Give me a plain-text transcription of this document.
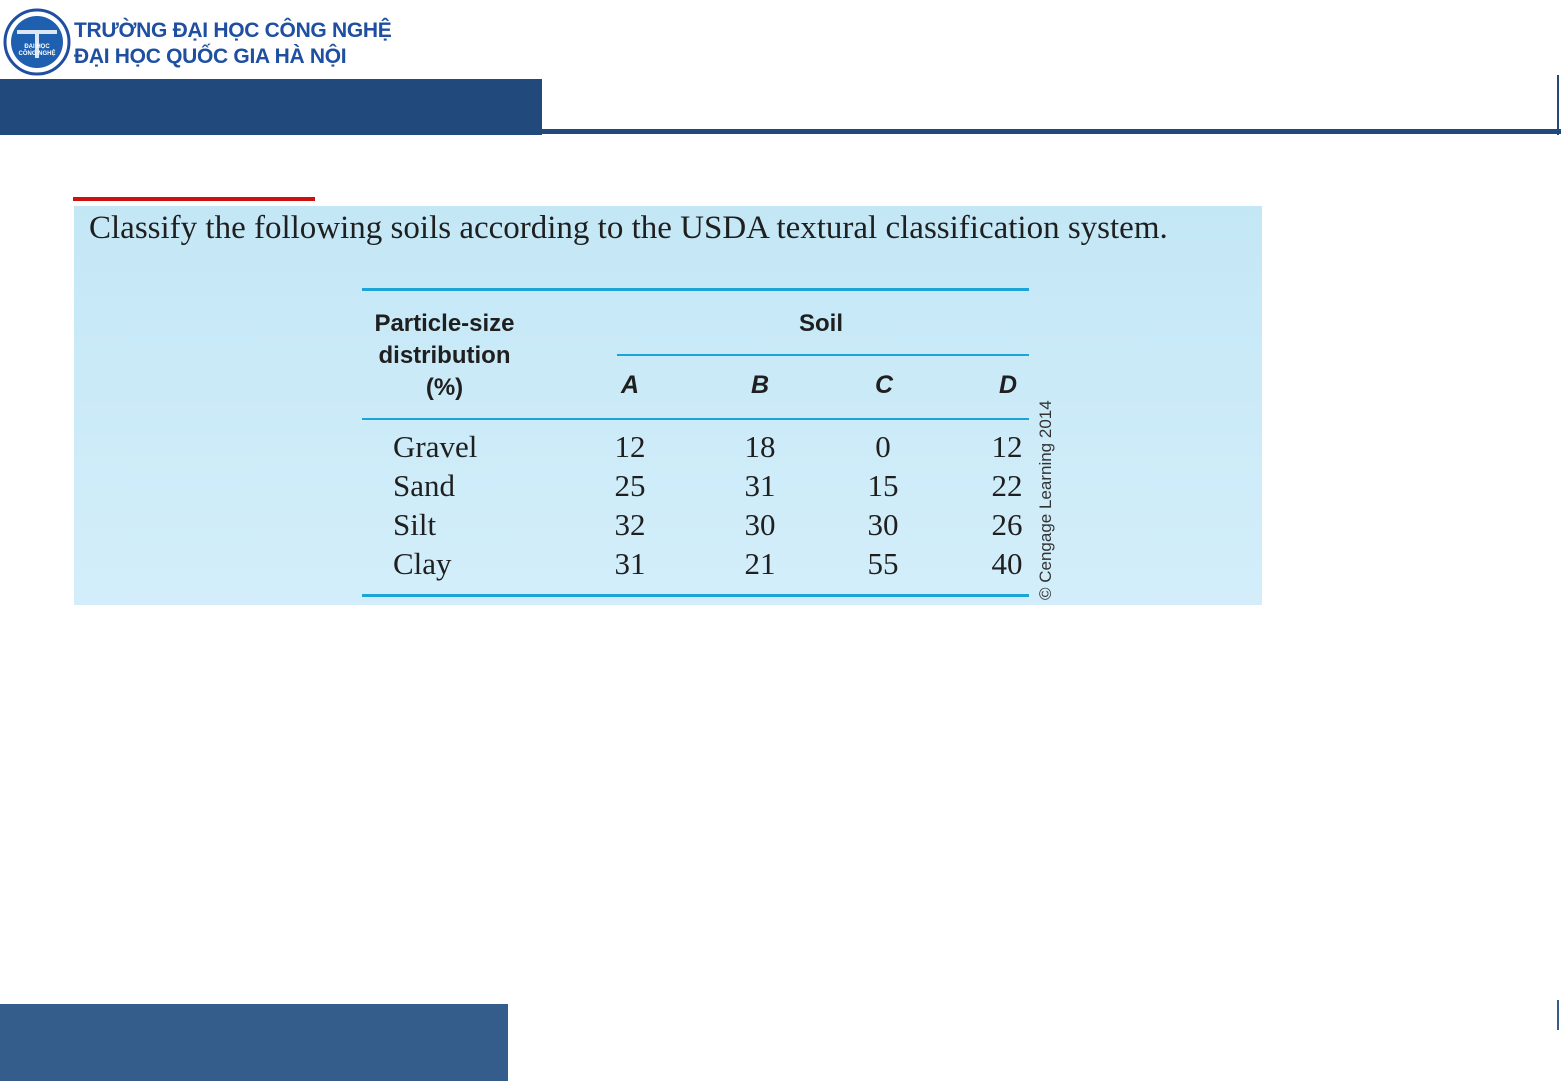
ĐẠI HỌC
CÔNG NGHỆ
TRƯỜNG ĐẠI HỌC CÔNG NGHỆ
ĐẠI HỌC QUỐC GIA HÀ NỘI
Classify the following soils according to the USDA textural classification system.
Particle-size
distribution
(%)
Soil
A	B	C	D
Gravel	12	18	0	12
Sand	25	31	15	22
Silt	32	30	30	26
Clay	31	21	55	40 © Cengage Learning 2014
